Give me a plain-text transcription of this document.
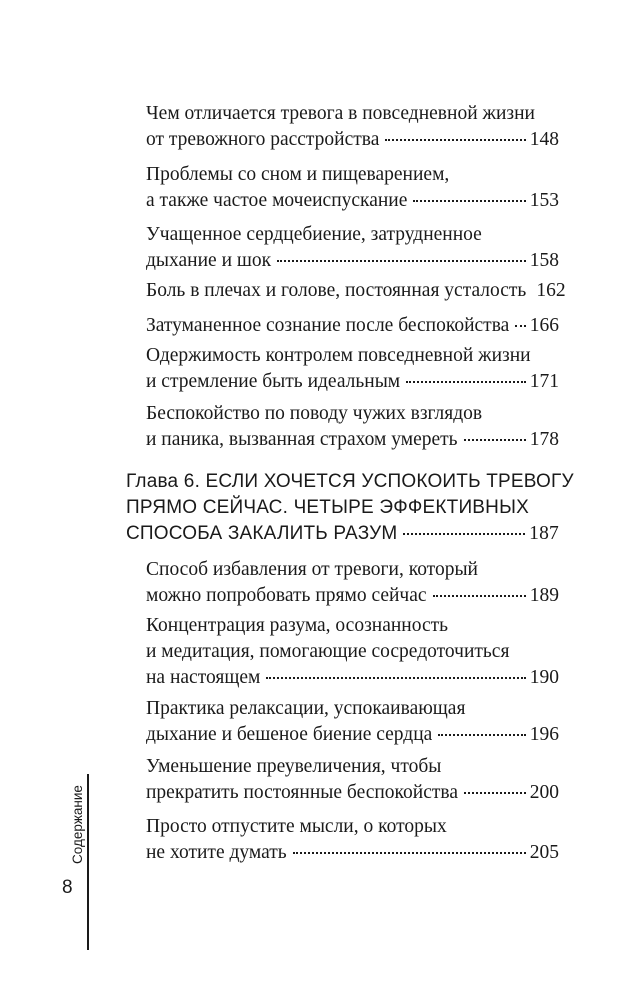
Чем отличается тревога в повседневной жизни
от тревожного расстройства	148
Проблемы со сном и пищеварением,
а также частое мочеиспускание	153
Учащенное сердцебиение, затрудненное
дыхание и шок	158
Боль в плечах и голове, постоянная усталость 162
Затуманенное сознание после беспокойства 166
Одержимость контролем повседневной жизни
и стремление быть идеальным	171
Беспокойство по поводу чужих взглядов
и паника, вызванная страхом умереть	178
Глава 6. ЕСЛИ ХОЧЕТСЯ УСПОКОИТЬ ТРЕВОГУ
ПРЯМО СЕЙЧАС. ЧЕТЫРЕ ЭФФЕКТИВНЫХ
СПОСОБА ЗАКАЛИТЬ РАЗУМ	187
Способ избавления от тревоги, который
можно попробовать прямо сейчас	189
Концентрация разума, осознанность
и медитация, помогающие сосредоточиться
на настоящем	190
Практика релаксации, успокаивающая
дыхание и бешеное биение сердца	196
Уменьшение преувеличения, чтобы
прекратить постоянные беспокойства	200
Просто отпустите мысли, о которых
не хотите думать	205
Содержание
8
